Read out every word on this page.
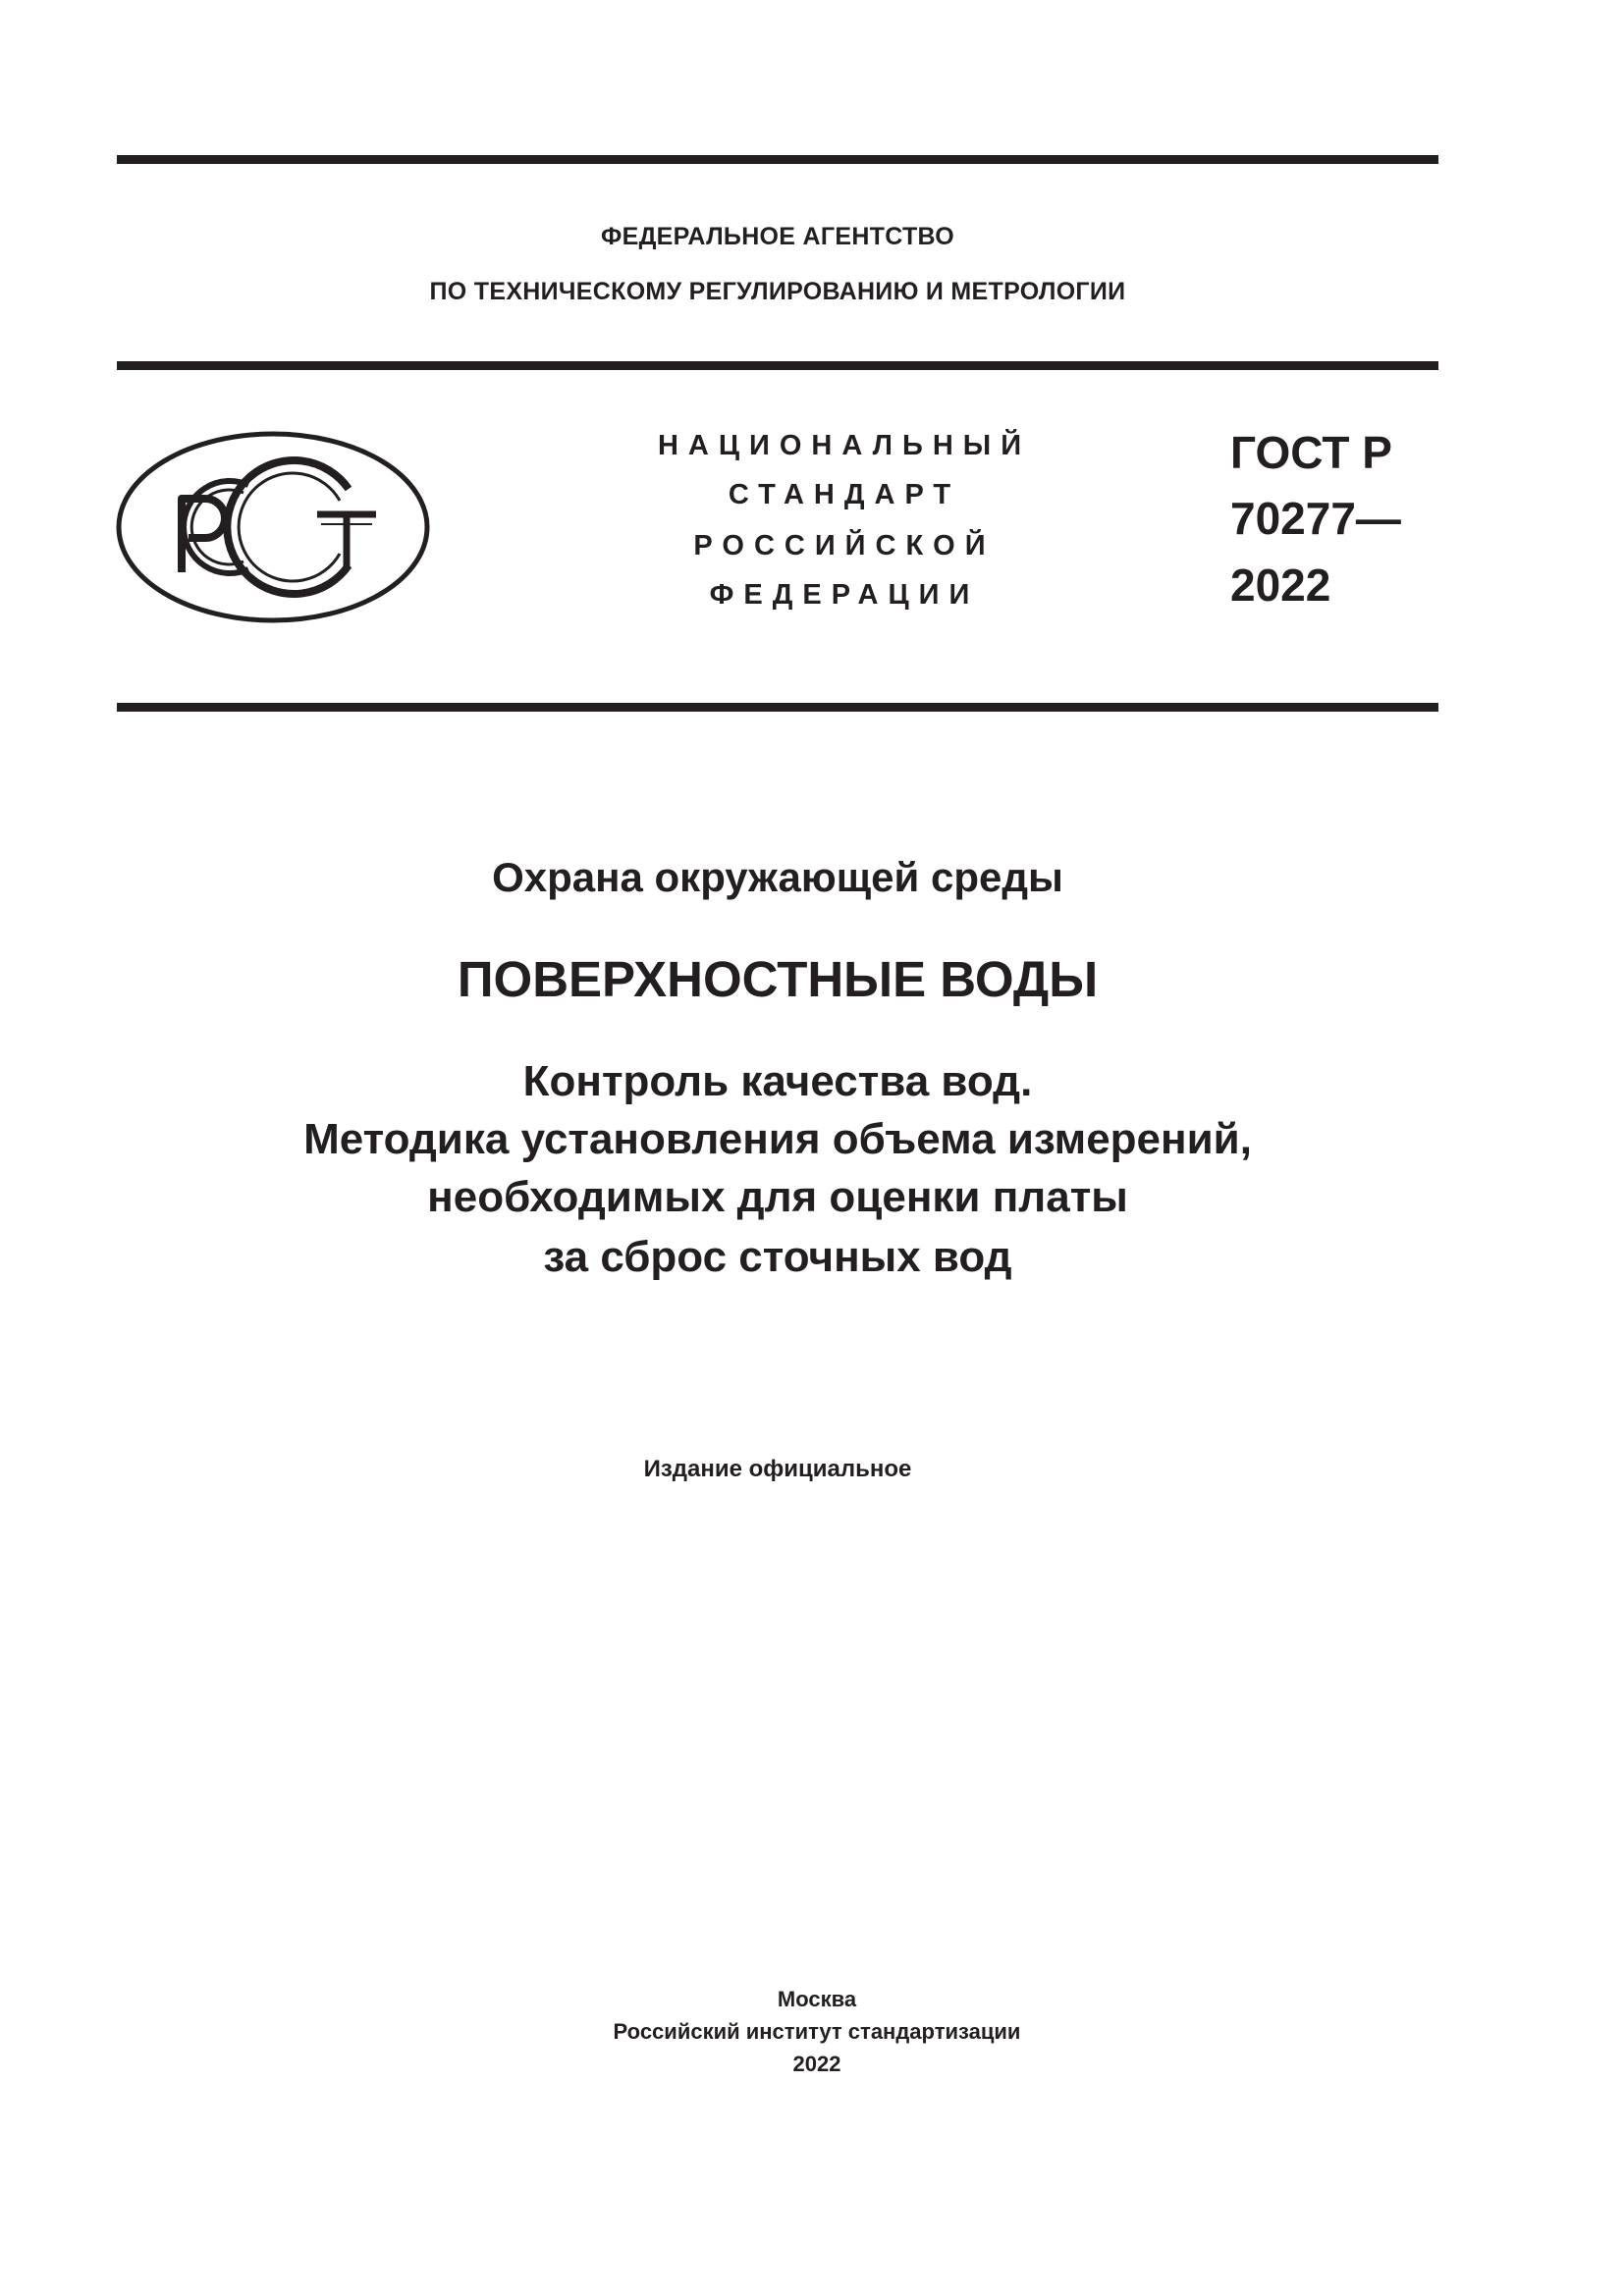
ФЕДЕРАЛЬНОЕ АГЕНТСТВО
ПО ТЕХНИЧЕСКОМУ РЕГУЛИРОВАНИЮ И МЕТРОЛОГИИ
НАЦИОНАЛЬНЫЙ
СТАНДАРТ
РОССИЙСКОЙ
ФЕДЕРАЦИИ
ГОСТ Р
70277—
2022
Охрана окружающей среды
ПОВЕРХНОСТНЫЕ ВОДЫ
Контроль качества вод.
Методика установления объема измерений,
необходимых для оценки платы
за сброс сточных вод
Издание официальное
Москва
Российский институт стандартизации
2022
